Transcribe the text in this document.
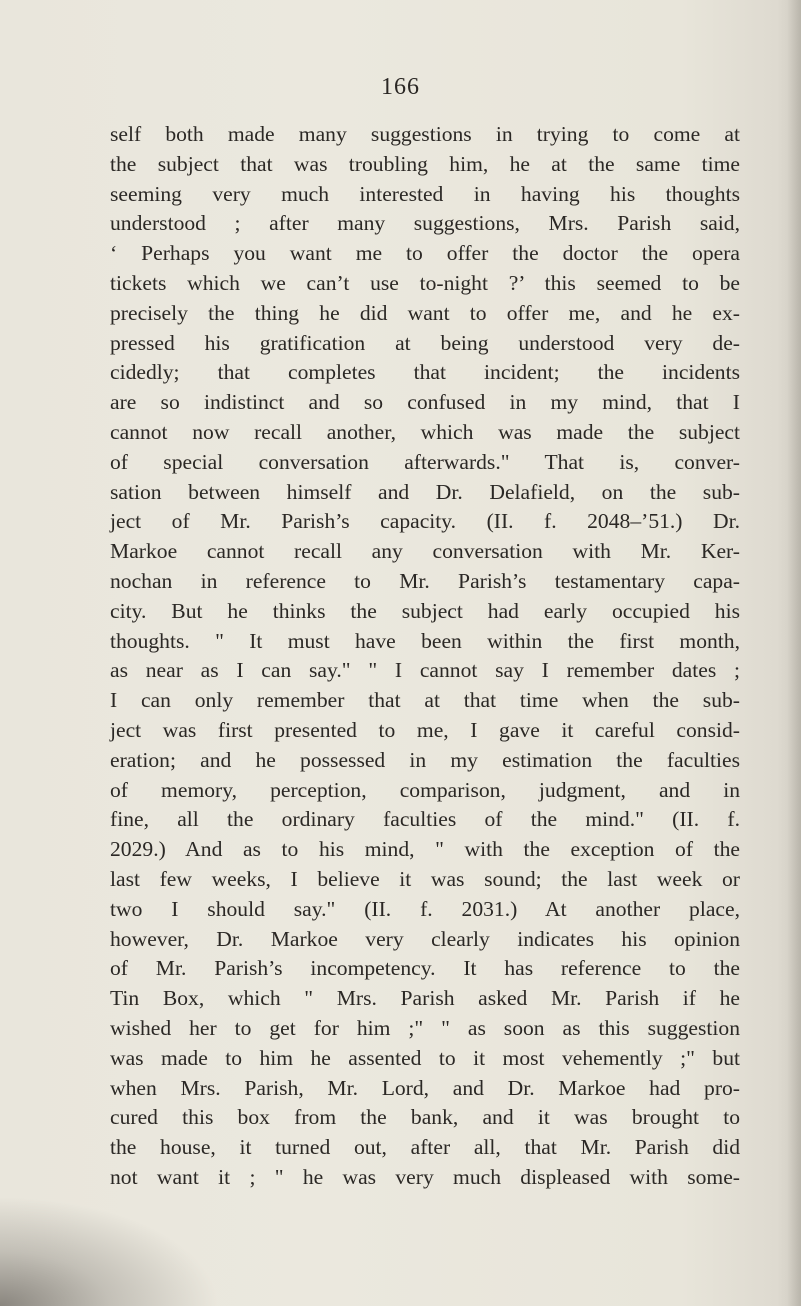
166
self both made many suggestions in trying to come at
the subject that was troubling him, he at the same time
seeming very much interested in having his thoughts
understood ; after many suggestions, Mrs. Parish said,
‘ Perhaps you want me to offer the doctor the opera
tickets which we can’t use to-night ?’ this seemed to be
precisely the thing he did want to offer me, and he ex-
pressed his gratification at being understood very de-
cidedly; that completes that incident; the incidents
are so indistinct and so confused in my mind, that I
cannot now recall another, which was made the subject
of special conversation afterwards." That is, conver-
sation between himself and Dr. Delafield, on the sub-
ject of Mr. Parish’s capacity. (II. f. 2048–’51.) Dr.
Markoe cannot recall any conversation with Mr. Ker-
nochan in reference to Mr. Parish’s testamentary capa-
city. But he thinks the subject had early occupied his
thoughts. " It must have been within the first month,
as near as I can say." " I cannot say I remember dates ;
I can only remember that at that time when the sub-
ject was first presented to me, I gave it careful consid-
eration; and he possessed in my estimation the faculties
of memory, perception, comparison, judgment, and in
fine, all the ordinary faculties of the mind." (II. f.
2029.) And as to his mind, " with the exception of the
last few weeks, I believe it was sound; the last week or
two I should say." (II. f. 2031.) At another place,
however, Dr. Markoe very clearly indicates his opinion
of Mr. Parish’s incompetency. It has reference to the
Tin Box, which " Mrs. Parish asked Mr. Parish if he
wished her to get for him ;" " as soon as this suggestion
was made to him he assented to it most vehemently ;" but
when Mrs. Parish, Mr. Lord, and Dr. Markoe had pro-
cured this box from the bank, and it was brought to
the house, it turned out, after all, that Mr. Parish did
not want it ; " he was very much displeased with some-
